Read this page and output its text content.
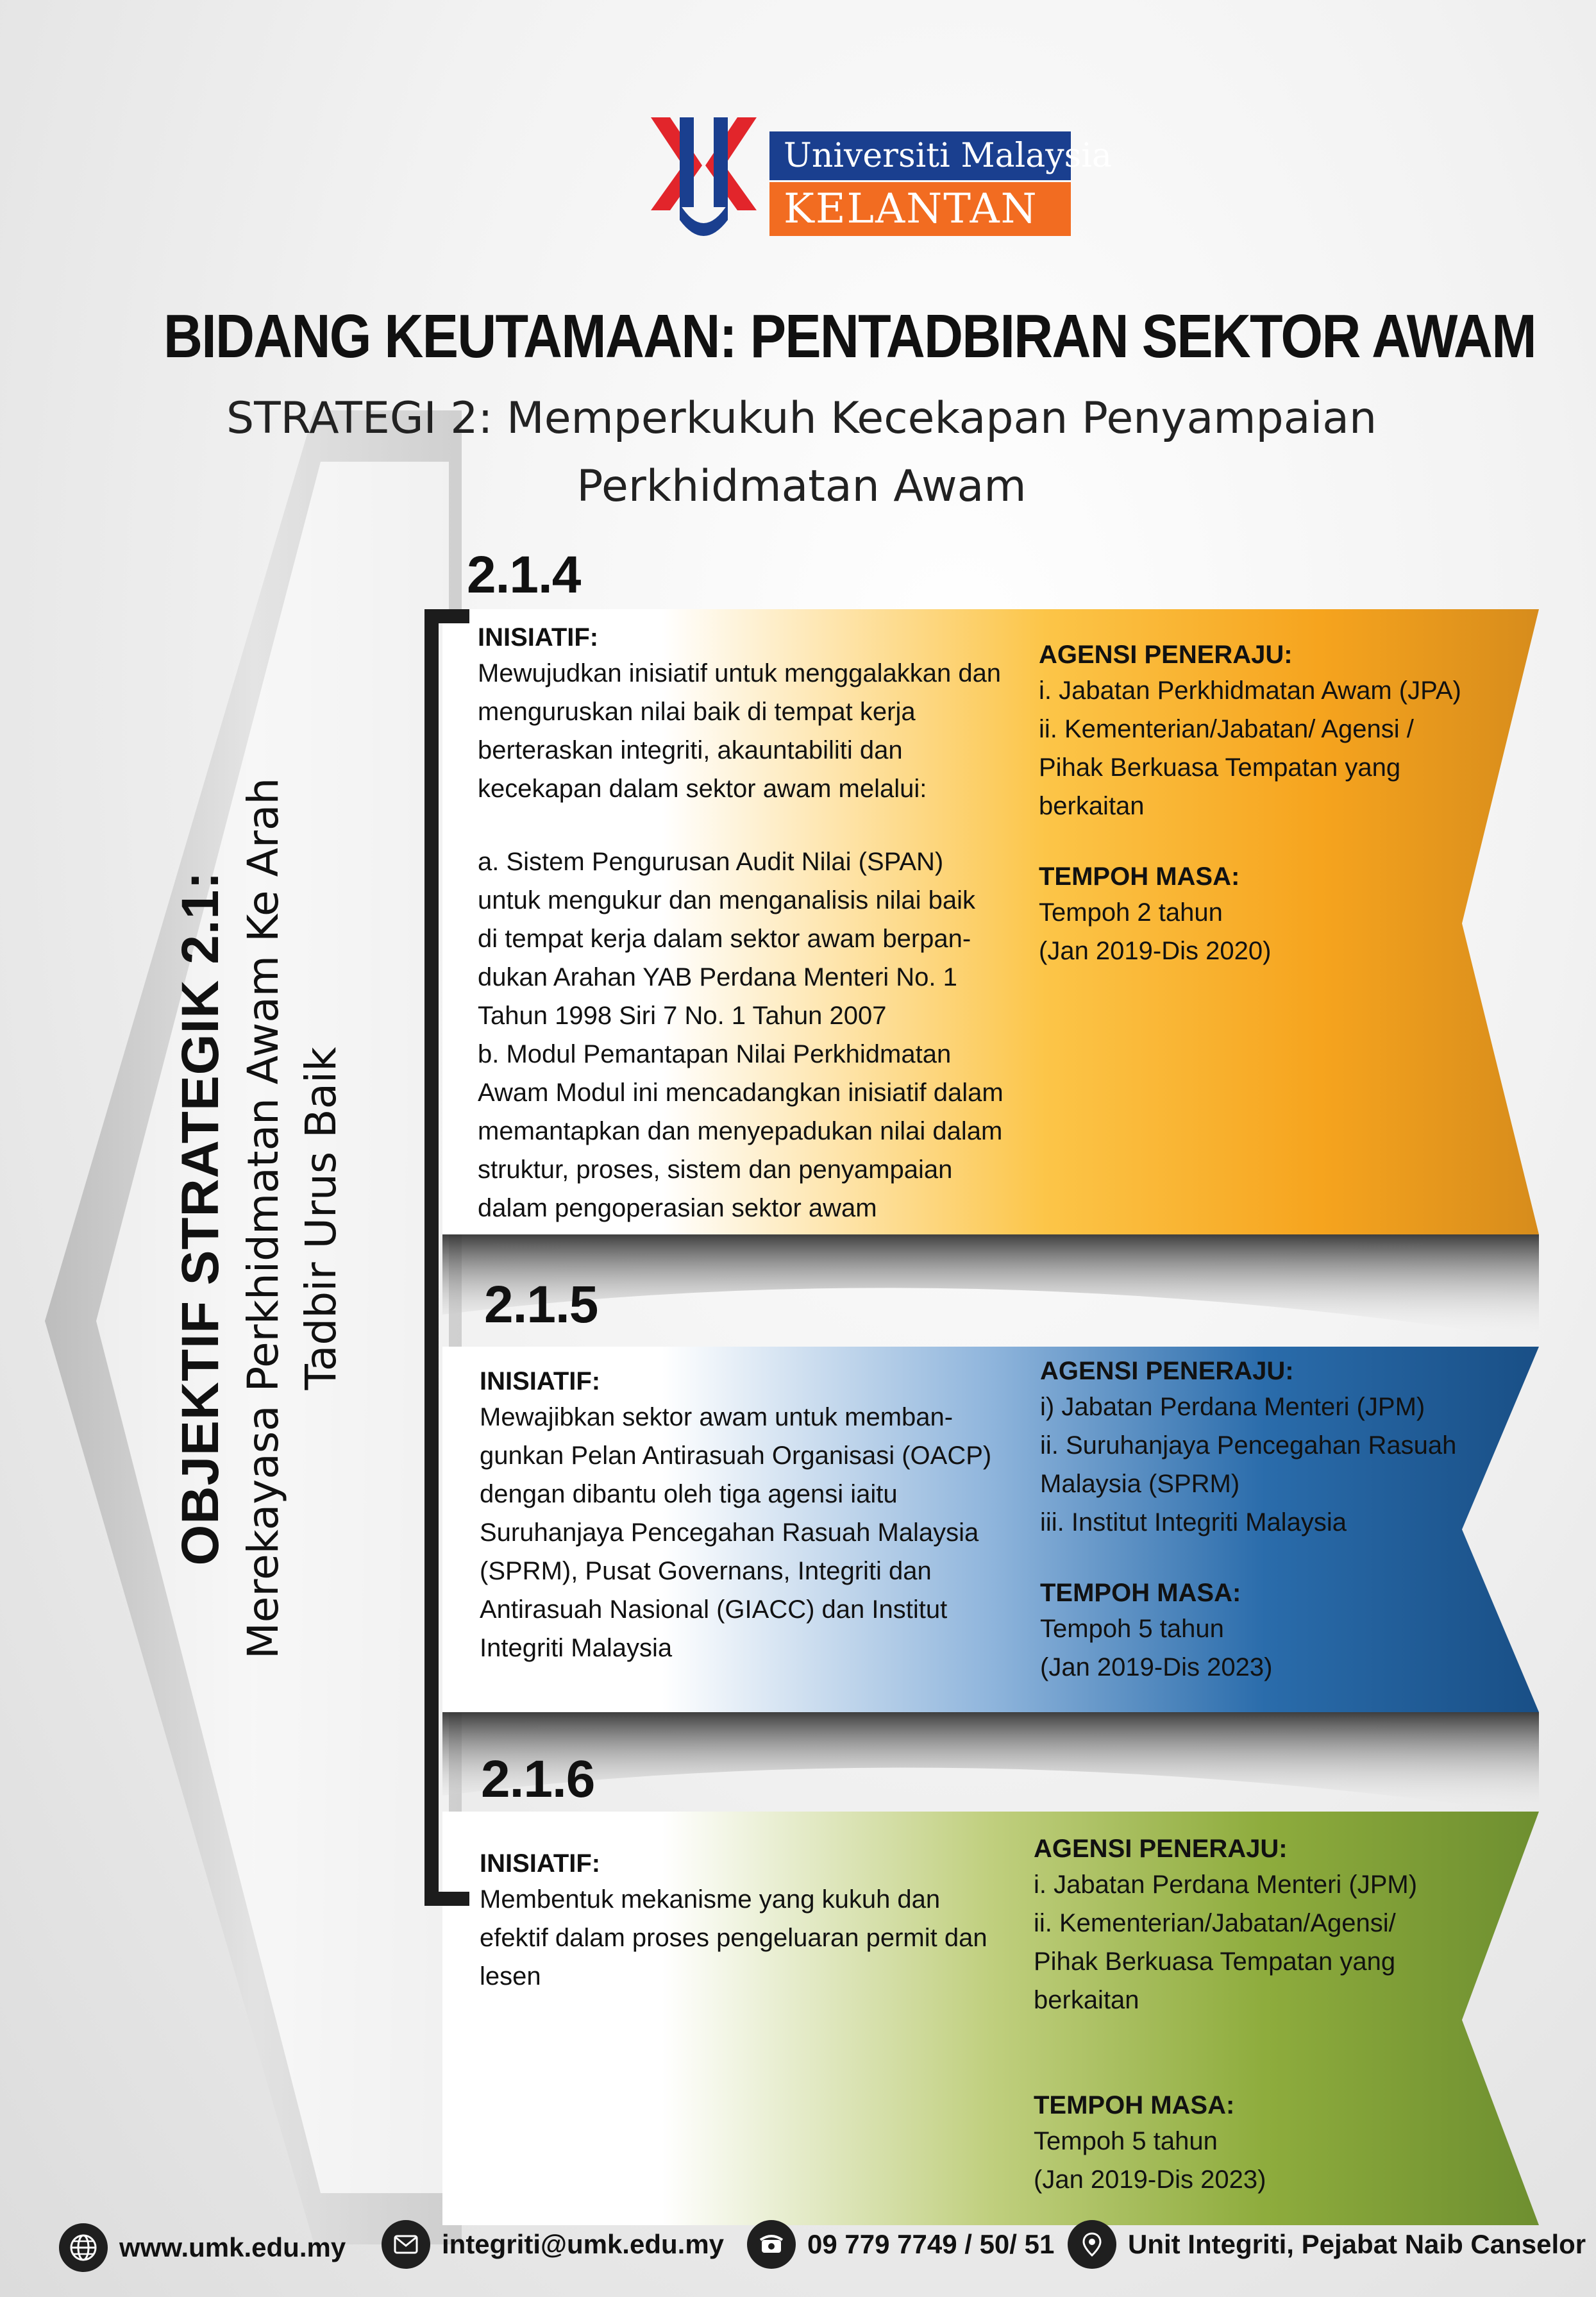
Universiti Malaysia
KELANTAN
BIDANG KEUTAMAAN: PENTADBIRAN SEKTOR AWAM
STRATEGI 2: Memperkukuh Kecekapan Penyampaian
Perkhidmatan Awam
OBJEKTIF STRATEGIK 2.1: Merekayasa Perkhidmatan Awam Ke Arah Tadbir Urus Baik
2.1.4
INISIATIF:
Mewujudkan inisiatif untuk menggalakkan dan
menguruskan nilai baik di tempat kerja
berteraskan integriti, akauntabiliti dan
kecekapan dalam sektor awam melalui:
a. Sistem Pengurusan Audit Nilai (SPAN)
untuk mengukur dan menganalisis nilai baik
di tempat kerja dalam sektor awam berpan-
dukan Arahan YAB Perdana Menteri No. 1
Tahun 1998 Siri 7 No. 1 Tahun 2007
b. Modul Pemantapan Nilai Perkhidmatan
Awam Modul ini mencadangkan inisiatif dalam
memantapkan dan menyepadukan nilai dalam
struktur, proses, sistem dan penyampaian
dalam pengoperasian sektor awam
AGENSI PENERAJU:
i. Jabatan Perkhidmatan Awam (JPA)
ii. Kementerian/Jabatan/ Agensi /
Pihak Berkuasa Tempatan yang
berkaitan
TEMPOH MASA:
Tempoh 2 tahun
(Jan 2019-Dis 2020)
2.1.5
INISIATIF:
Mewajibkan sektor awam untuk memban-
gunkan Pelan Antirasuah Organisasi (OACP)
dengan dibantu oleh tiga agensi iaitu
Suruhanjaya Pencegahan Rasuah Malaysia
(SPRM), Pusat Governans, Integriti dan
Antirasuah Nasional (GIACC) dan Institut
Integriti Malaysia
AGENSI PENERAJU:
i) Jabatan Perdana Menteri (JPM)
ii. Suruhanjaya Pencegahan Rasuah
Malaysia (SPRM)
iii. Institut Integriti Malaysia
TEMPOH MASA:
Tempoh 5 tahun
(Jan 2019-Dis 2023)
2.1.6
INISIATIF:
Membentuk mekanisme yang kukuh dan
efektif dalam proses pengeluaran permit dan
lesen
AGENSI PENERAJU:
i. Jabatan Perdana Menteri (JPM)
ii. Kementerian/Jabatan/Agensi/
Pihak Berkuasa Tempatan yang
berkaitan
TEMPOH MASA:
Tempoh 5 tahun
(Jan 2019-Dis 2023)
www.umk.edu.my	integriti@umk.edu.my	09 779 7749 / 50/ 51	Unit Integriti, Pejabat Naib Canselor
